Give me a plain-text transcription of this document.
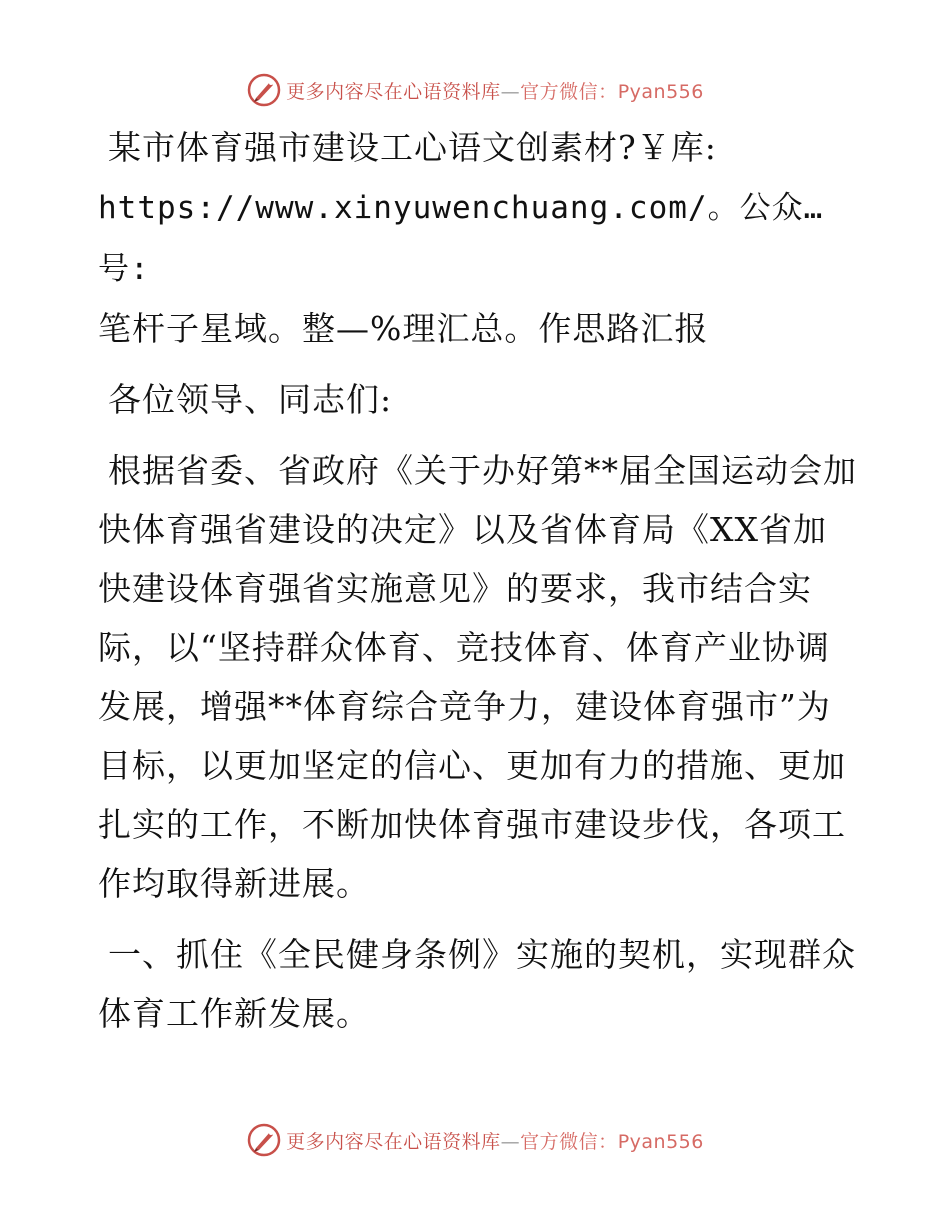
更多内容尽在心语资料库—官方微信：Pyan556

某市体育强市建设工心语文创素材?￥库:
https://www.xinyuwenchuang.com/。公众…号:
笔杆子星域。整—%理汇总。作思路汇报

各位领导、同志们:

根据省委、省政府《关于办好第**届全国运动会加快体育强省建设的决定》以及省体育局《XX省加快建设体育强省实施意见》的要求，我市结合实际，以“坚持群众体育、竞技体育、体育产业协调发展，增强**体育综合竞争力，建设体育强市”为目标，以更加坚定的信心、更加有力的措施、更加扎实的工作，不断加快体育强市建设步伐，各项工作均取得新进展。

一、抓住《全民健身条例》实施的契机，实现群众体育工作新发展。

更多内容尽在心语资料库—官方微信：Pyan556
